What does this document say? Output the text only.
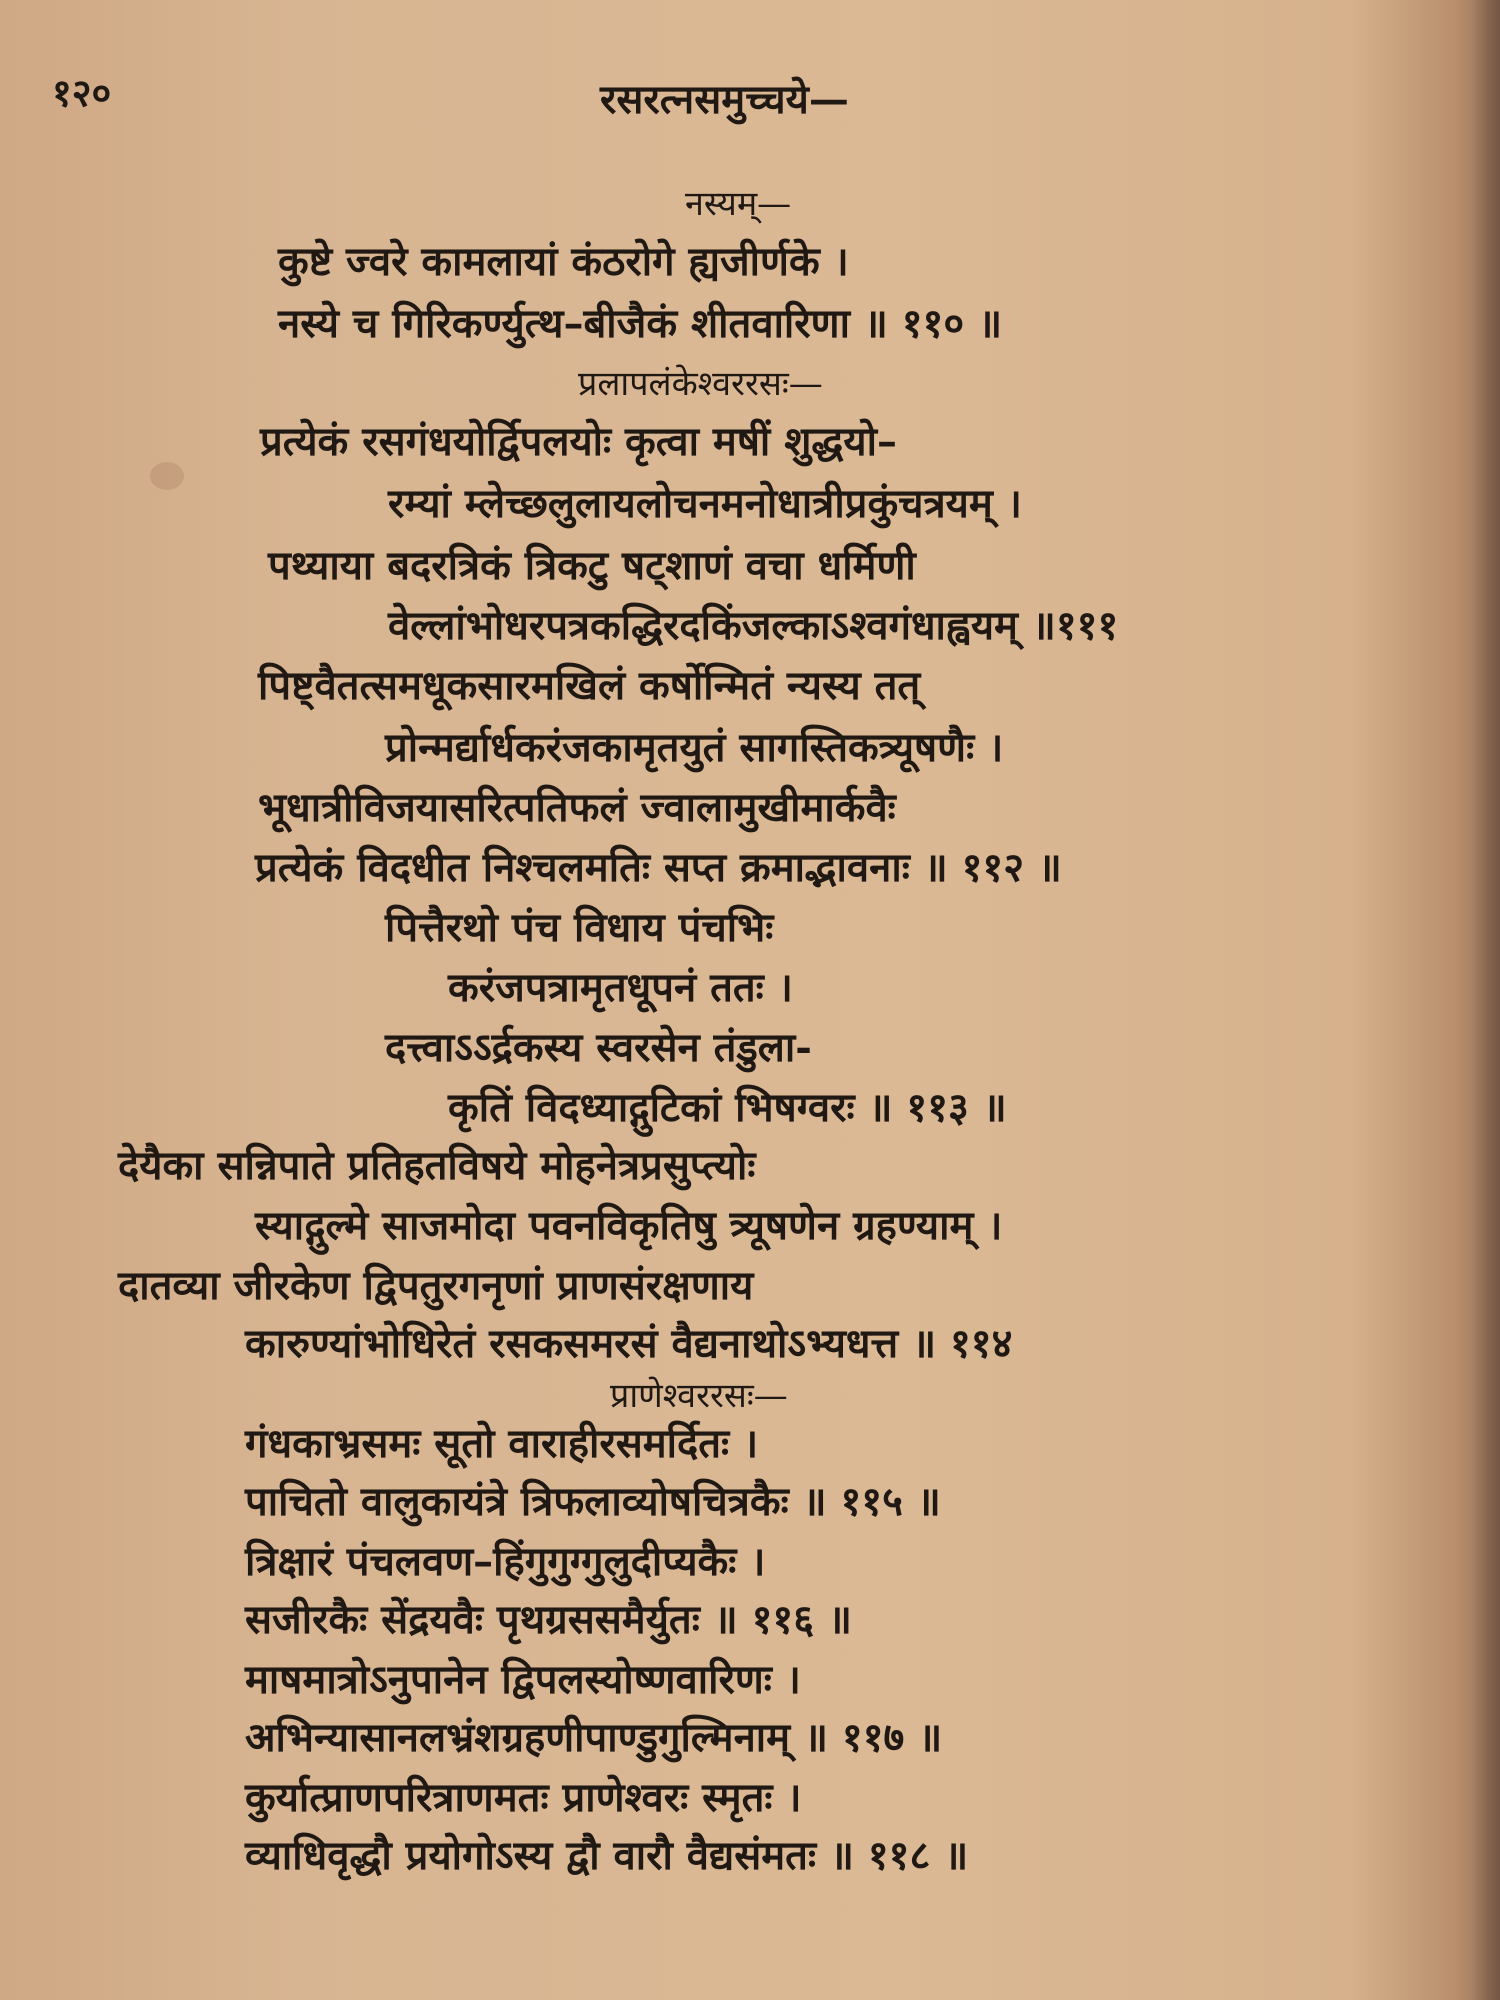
१२०	रसरत्नसमुच्चये—

नस्यम्—

कुष्टे ज्वरे कामलायां कंठरोगे ह्यजीर्णके ।

नस्ये च गिरिकर्ण्युत्थ–बीजैकं शीतवारिणा ॥ ११० ॥

प्रलापलंकेश्वररसः—

प्रत्येकं रसगंधयोर्द्विपलयोः कृत्वा मषीं शुद्धयो–

रम्यां म्लेच्छलुलायलोचनमनोधात्रीप्रकुंचत्रयम् ।

पथ्याया बदरत्रिकं त्रिकटु षट्शाणं वचा धर्मिणी

वेल्लांभोधरपत्रकद्धिरदकिंजल्काऽश्वगंधाह्वयम् ॥१११

पिष्ट्वैतत्समधूकसारमखिलं कर्षोन्मितं न्यस्य तत्

प्रोन्मर्द्यार्धकरंजकामृतयुतं सागस्तिकत्र्यूषणैः ।

भूधात्रीविजयासरित्पतिफलं ज्वालामुखीमार्कवैः

प्रत्येकं विदधीत निश्चलमतिः सप्त क्रमाद्भावनाः ॥ ११२ ॥

पित्तैरथो पंच विधाय पंचभिः

करंजपत्रामृतधूपनं ततः ।

दत्त्वाऽऽर्द्रकस्य स्वरसेन तंडुला-

कृतिं विदध्याद्गुटिकां भिषग्वरः ॥ ११३ ॥

देयैका सन्निपाते प्रतिहतविषये मोहनेत्रप्रसुप्त्योः

स्याद्गुल्मे साजमोदा पवनविकृतिषु त्र्यूषणेन ग्रहण्याम् ।

दातव्या जीरकेण द्विपतुरगनृणां प्राणसंरक्षणाय

कारुण्यांभोधिरेतं रसकसमरसं वैद्यनाथोऽभ्यधत्त ॥ ११४

प्राणेश्वररसः—

गंधकाभ्रसमः सूतो वाराहीरसमर्दितः ।

पाचितो वालुकायंत्रे त्रिफलाव्योषचित्रकैः ॥ ११५ ॥

त्रिक्षारं पंचलवण–हिंगुगुग्गुलुदीप्यकैः ।

सजीरकैः सेंद्रयवैः पृथग्रससमैर्युतः ॥ ११६ ॥

माषमात्रोऽनुपानेन द्विपलस्योष्णवारिणः ।

अभिन्यासानलभ्रंशग्रहणीपाण्डुगुल्मिनाम् ॥ ११७ ॥

कुर्यात्प्राणपरित्राणमतः प्राणेश्वरः स्मृतः ।

व्याधिवृद्धौ प्रयोगोऽस्य द्वौ वारौ वैद्यसंमतः ॥ ११८ ॥
